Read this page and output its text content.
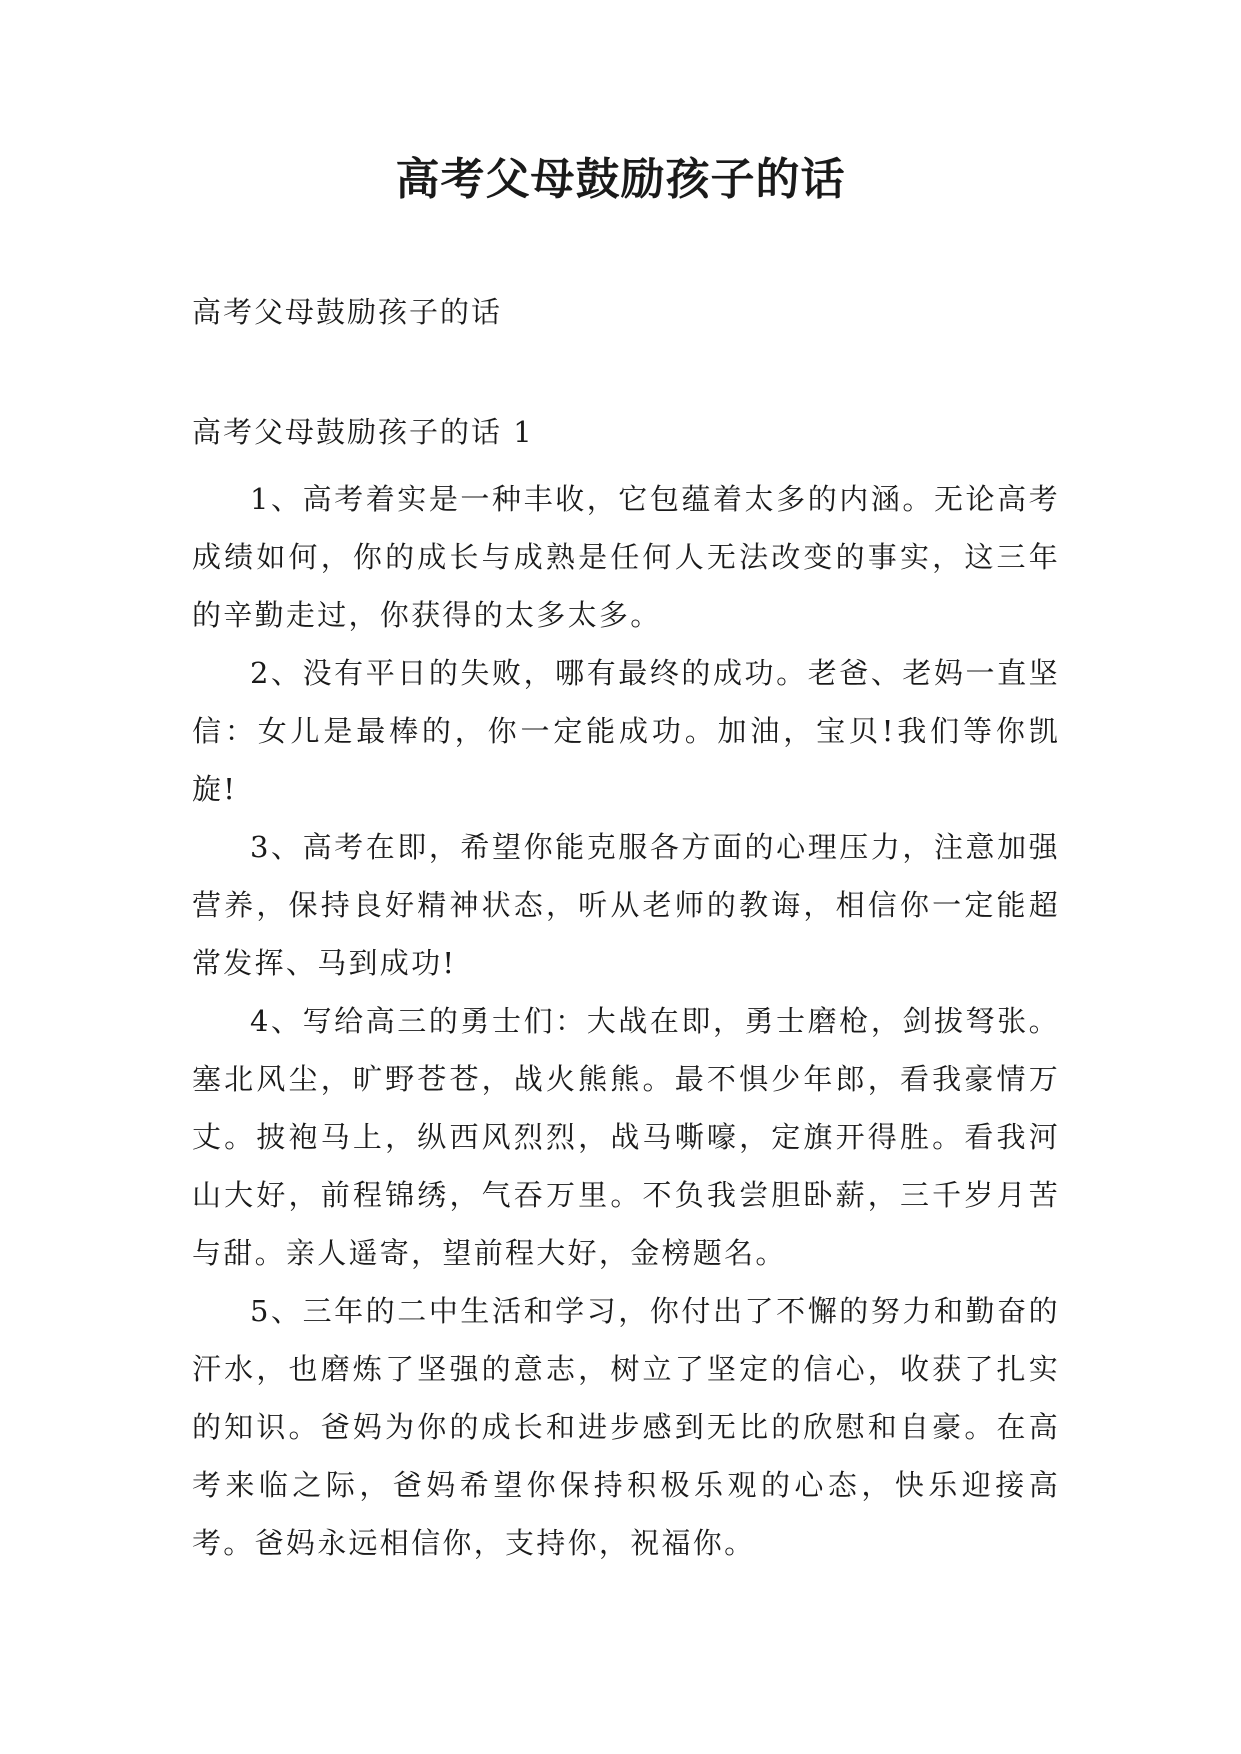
高考父母鼓励孩子的话
高考父母鼓励孩子的话
高考父母鼓励孩子的话 1

1、高考着实是一种丰收，它包蕴着太多的内涵。无论高考成绩如何，你的成长与成熟是任何人无法改变的事实，这三年的辛勤走过，你获得的太多太多。

2、没有平日的失败，哪有最终的成功。老爸、老妈一直坚信：女儿是最棒的，你一定能成功。加油，宝贝!我们等你凯旋!

3、高考在即，希望你能克服各方面的心理压力，注意加强营养，保持良好精神状态，听从老师的教诲，相信你一定能超常发挥、马到成功!

4、写给高三的勇士们：大战在即，勇士磨枪，剑拔弩张。塞北风尘，旷野苍苍，战火熊熊。最不惧少年郎，看我豪情万丈。披袍马上，纵西风烈烈，战马嘶嚎，定旗开得胜。看我河山大好，前程锦绣，气吞万里。不负我尝胆卧薪，三千岁月苦与甜。亲人遥寄，望前程大好，金榜题名。

5、三年的二中生活和学习，你付出了不懈的努力和勤奋的汗水，也磨炼了坚强的意志，树立了坚定的信心，收获了扎实的知识。爸妈为你的成长和进步感到无比的欣慰和自豪。在高考来临之际，爸妈希望你保持积极乐观的心态，快乐迎接高考。爸妈永远相信你，支持你，祝福你。
